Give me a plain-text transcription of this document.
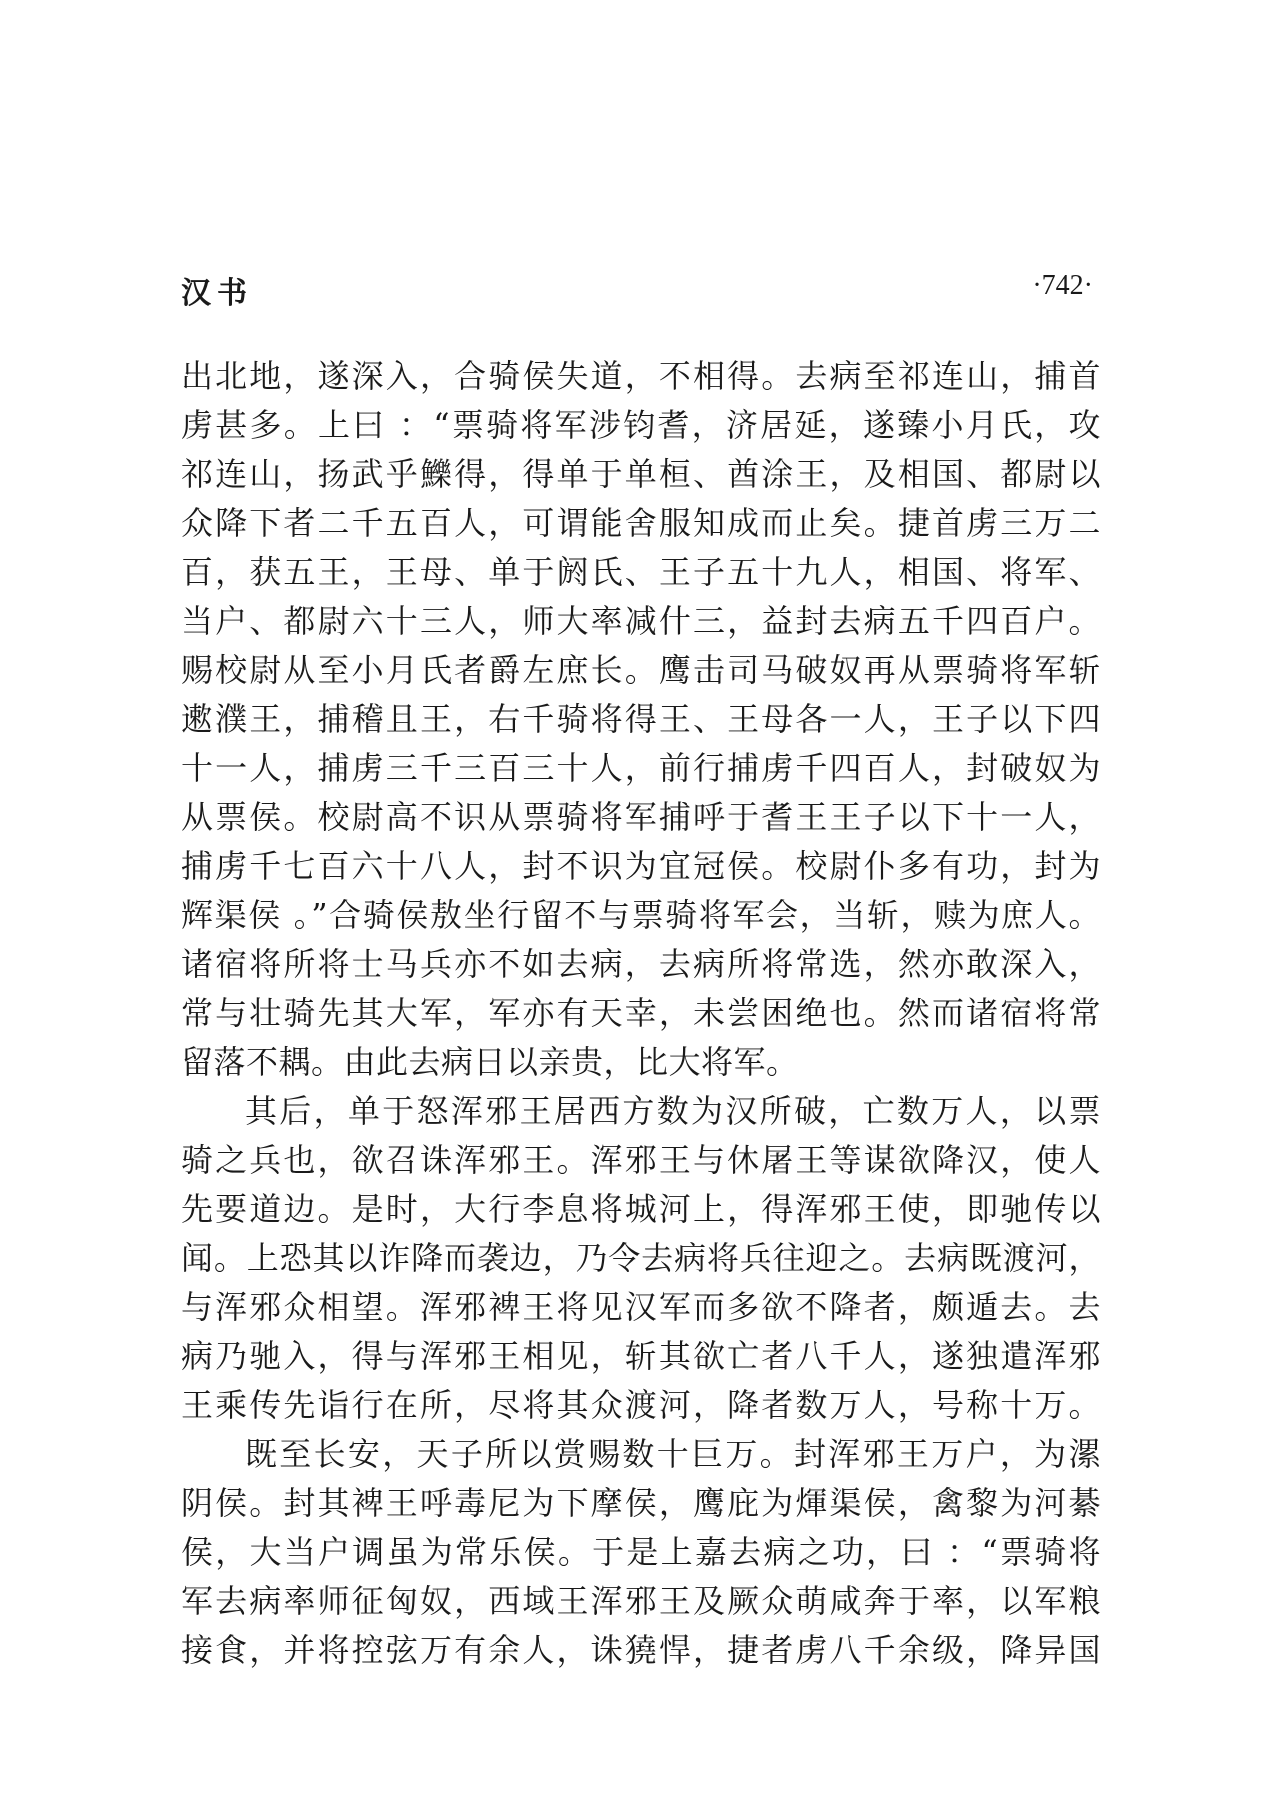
汉书	·742·
出北地，遂深入，合骑侯失道，不相得。去病至祁连山，捕首
虏甚多。上曰 ：“票骑将军涉钧耆，济居延，遂臻小月氏，攻
祁连山，扬武乎鱳得，得单于单桓、酋涂王，及相国、都尉以
众降下者二千五百人，可谓能舍服知成而止矣。捷首虏三万二
百，获五王，王母、单于阏氏、王子五十九人，相国、将军、
当户、都尉六十三人，师大率减什三，益封去病五千四百户。
赐校尉从至小月氏者爵左庶长。鹰击司马破奴再从票骑将军斩
遬濮王，捕稽且王，右千骑将得王、王母各一人，王子以下四
十一人，捕虏三千三百三十人，前行捕虏千四百人，封破奴为
从票侯。校尉高不识从票骑将军捕呼于耆王王子以下十一人，
捕虏千七百六十八人，封不识为宜冠侯。校尉仆多有功，封为
辉渠侯 。”合骑侯敖坐行留不与票骑将军会，当斩，赎为庶人。
诸宿将所将士马兵亦不如去病，去病所将常选，然亦敢深入，
常与壮骑先其大军，军亦有天幸，未尝困绝也。然而诸宿将常
留落不耦。由此去病日以亲贵，比大将军。
其后，单于怒浑邪王居西方数为汉所破，亡数万人，以票
骑之兵也，欲召诛浑邪王。浑邪王与休屠王等谋欲降汉，使人
先要道边。是时，大行李息将城河上，得浑邪王使，即驰传以
闻。上恐其以诈降而袭边，乃令去病将兵往迎之。去病既渡河，
与浑邪众相望。浑邪裨王将见汉军而多欲不降者，颇遁去。去
病乃驰入，得与浑邪王相见，斩其欲亡者八千人，遂独遣浑邪
王乘传先诣行在所，尽将其众渡河，降者数万人，号称十万。
既至长安，天子所以赏赐数十巨万。封浑邪王万户，为漯
阴侯。封其裨王呼毒尼为下摩侯，鹰庇为煇渠侯，禽黎为河綦
侯，大当户调虽为常乐侯。于是上嘉去病之功，曰 ：“票骑将
军去病率师征匈奴，西域王浑邪王及厥众萌咸奔于率，以军粮
接食，并将控弦万有余人，诛獟悍，捷者虏八千余级，降异国
